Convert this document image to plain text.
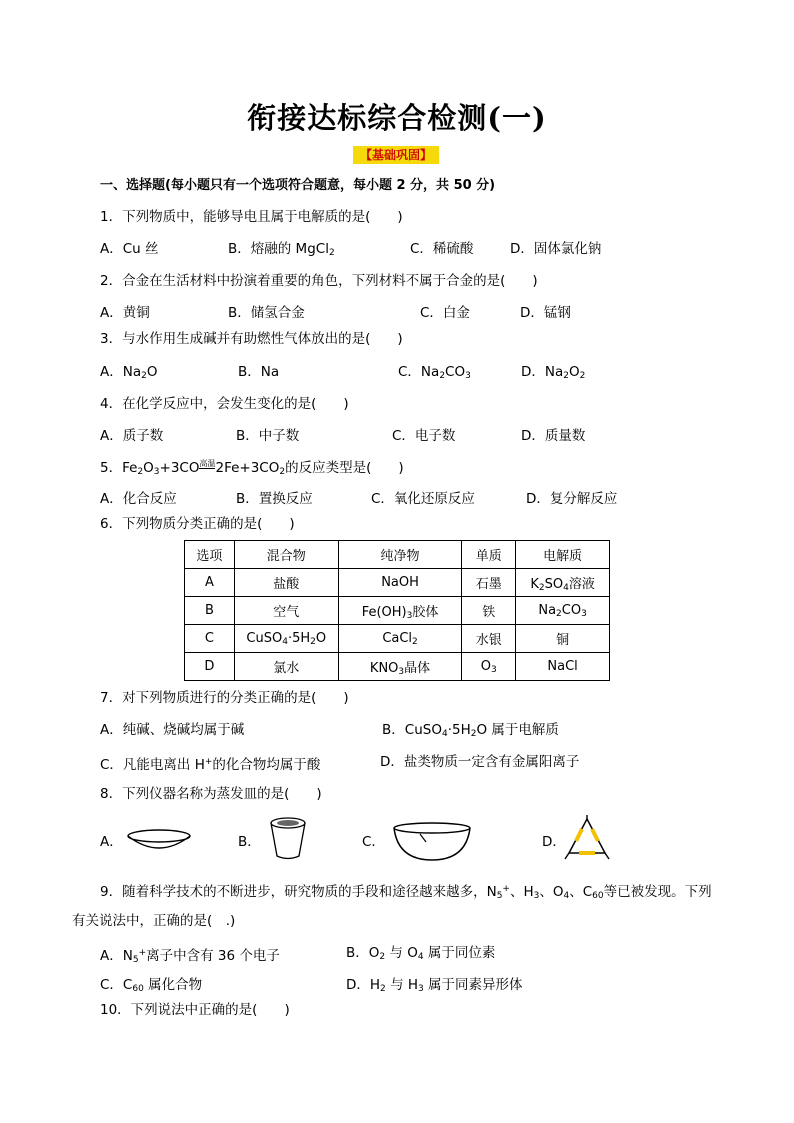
衔接达标综合检测(一)
【基础巩固】
一、选择题(每小题只有一个选项符合题意，每小题 2 分，共 50 分)
1．下列物质中，能够导电且属于电解质的是(　　)
A．Cu 丝	B．熔融的 MgCl$_2$	C．稀硫酸	D．固体氯化钠
2．合金在生活材料中扮演着重要的角色，下列材料不属于合金的是(　　)
A．黄铜	B．储氢合金	C．白金	D．锰钢
3．与水作用生成碱并有助燃性气体放出的是(　　)
A．$Na_2O$	B．Na	C．$Na_2CO_3$	D．$Na_2O_2$
4．在化学反应中，会发生变化的是(　　)
A．质子数	B．中子数	C．电子数	D．质量数
5．$Fe_2O_3+3CO^{高温}2Fe+3CO_2$的反应类型是(　　)
A．化合反应	B．置换反应	C．氧化还原反应	D．复分解反应
6．下列物质分类正确的是(　　)
选项	混合物	纯净物	单质	电解质
A	盐酸	NaOH	石墨	$K_2SO_4$溶液
B	空气	$Fe(OH)_3$胶体	铁	$Na_2CO_3$
C	$CuSO_4\cdot 5H_2O$	CaCl$_2$	水银	铜
D	氯水	$KNO_3$晶体	$O_3$	NaCl
7．对下列物质进行的分类正确的是(　　)
A．纯碱、烧碱均属于碱	B．$CuSO_4\cdot 5H_2O$ 属于电解质
C．凡能电离出 H+的化合物均属于酸	D．盐类物质一定含有金属阳离子
8．下列仪器名称为蒸发皿的是(　　)
A．	B．	C．	D．
9．随着科学技术的不断进步，研究物质的手段和途径越来越多，$N_5^+$、$H_3$、$O_4$、$C_{60}$等已被发现。下列
有关说法中，正确的是(　.)
A．$N_5^+$离子中含有 36 个电子	B．$O_2$ 与 $O_4$ 属于同位素
C．$C_{60}$ 属化合物	D．$H_2$ 与 $H_3$ 属于同素异形体
10．下列说法中正确的是(　　)
